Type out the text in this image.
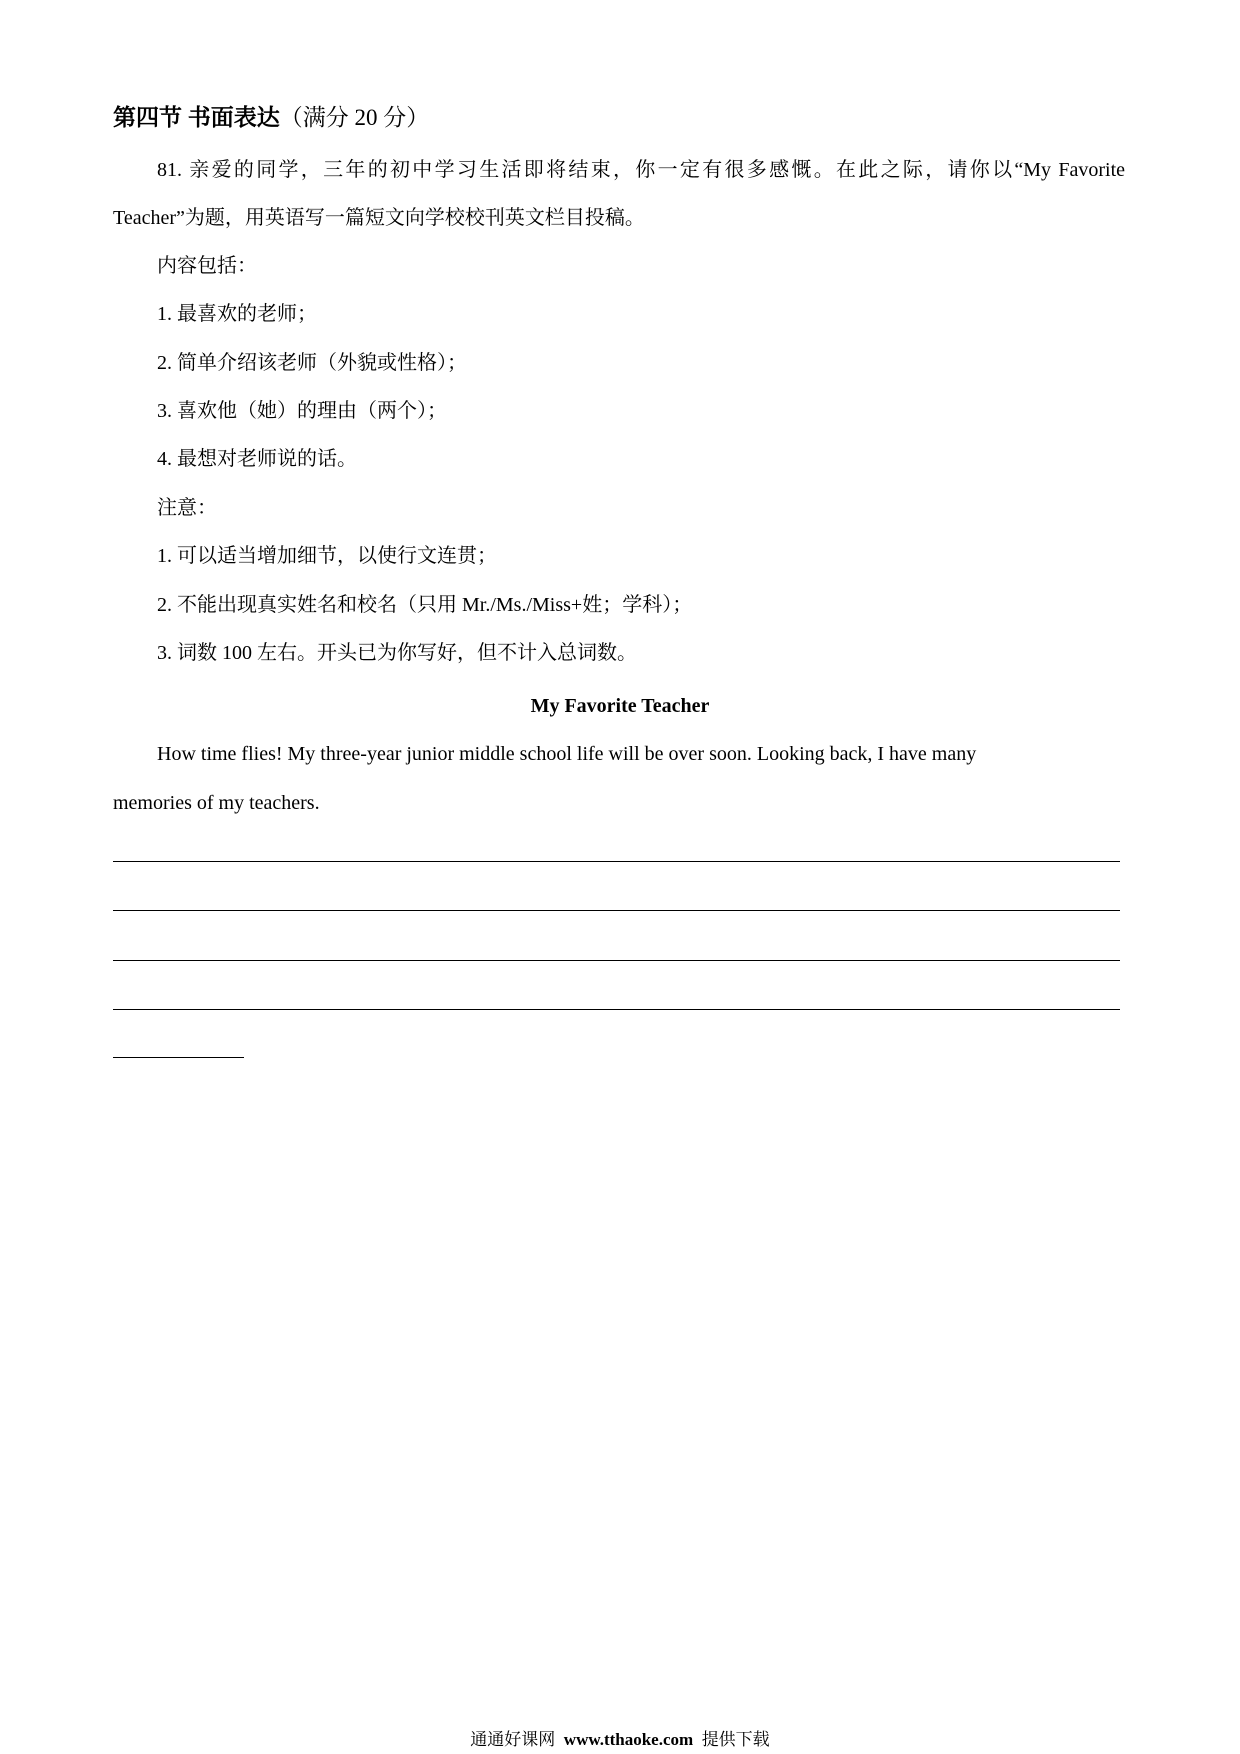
第四节 书面表达（满分 20 分）
81. 亲爱的同学，三年的初中学习生活即将结束，你一定有很多感慨。在此之际，请你以“My Favorite
Teacher”为题，用英语写一篇短文向学校校刊英文栏目投稿。
内容包括：
1. 最喜欢的老师；
2. 简单介绍该老师（外貌或性格）；
3. 喜欢他（她）的理由（两个）；
4. 最想对老师说的话。
注意：
1. 可以适当增加细节，以使行文连贯；
2. 不能出现真实姓名和校名（只用 Mr./Ms./Miss+姓；学科）；
3. 词数 100 左右。开头已为你写好，但不计入总词数。
My Favorite Teacher
How time flies! My three-year junior middle school life will be over soon. Looking back, I have many
memories of my teachers.
通通好课网 www.tthaoke.com 提供下载
